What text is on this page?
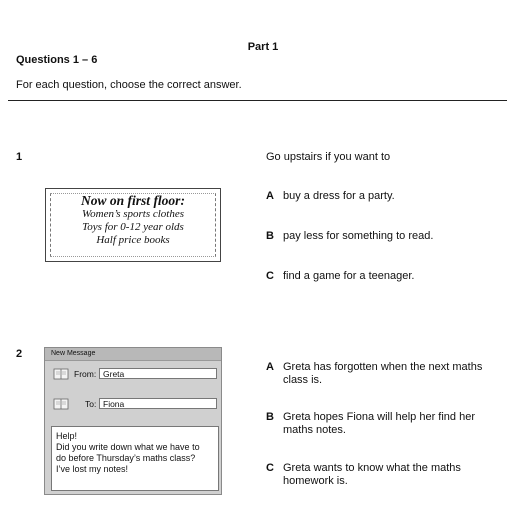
Part 1
Questions 1 – 6
For each question, choose the correct answer.
1	Go upstairs if you want to
Now on first floor:
Women’s sports clothes
Toys for 0-12 year olds
Half price books
A buy a dress for a party.
B pay less for something to read.
C find a game for a teenager.
2	New Message
From: Greta
To: Fiona
Help!
Did you write down what we have to
do before Thursday’s maths class?
I’ve lost my notes!
A Greta has forgotten when the next maths class is.
B Greta hopes Fiona will help her find her maths notes.
C Greta wants to know what the maths homework is.
